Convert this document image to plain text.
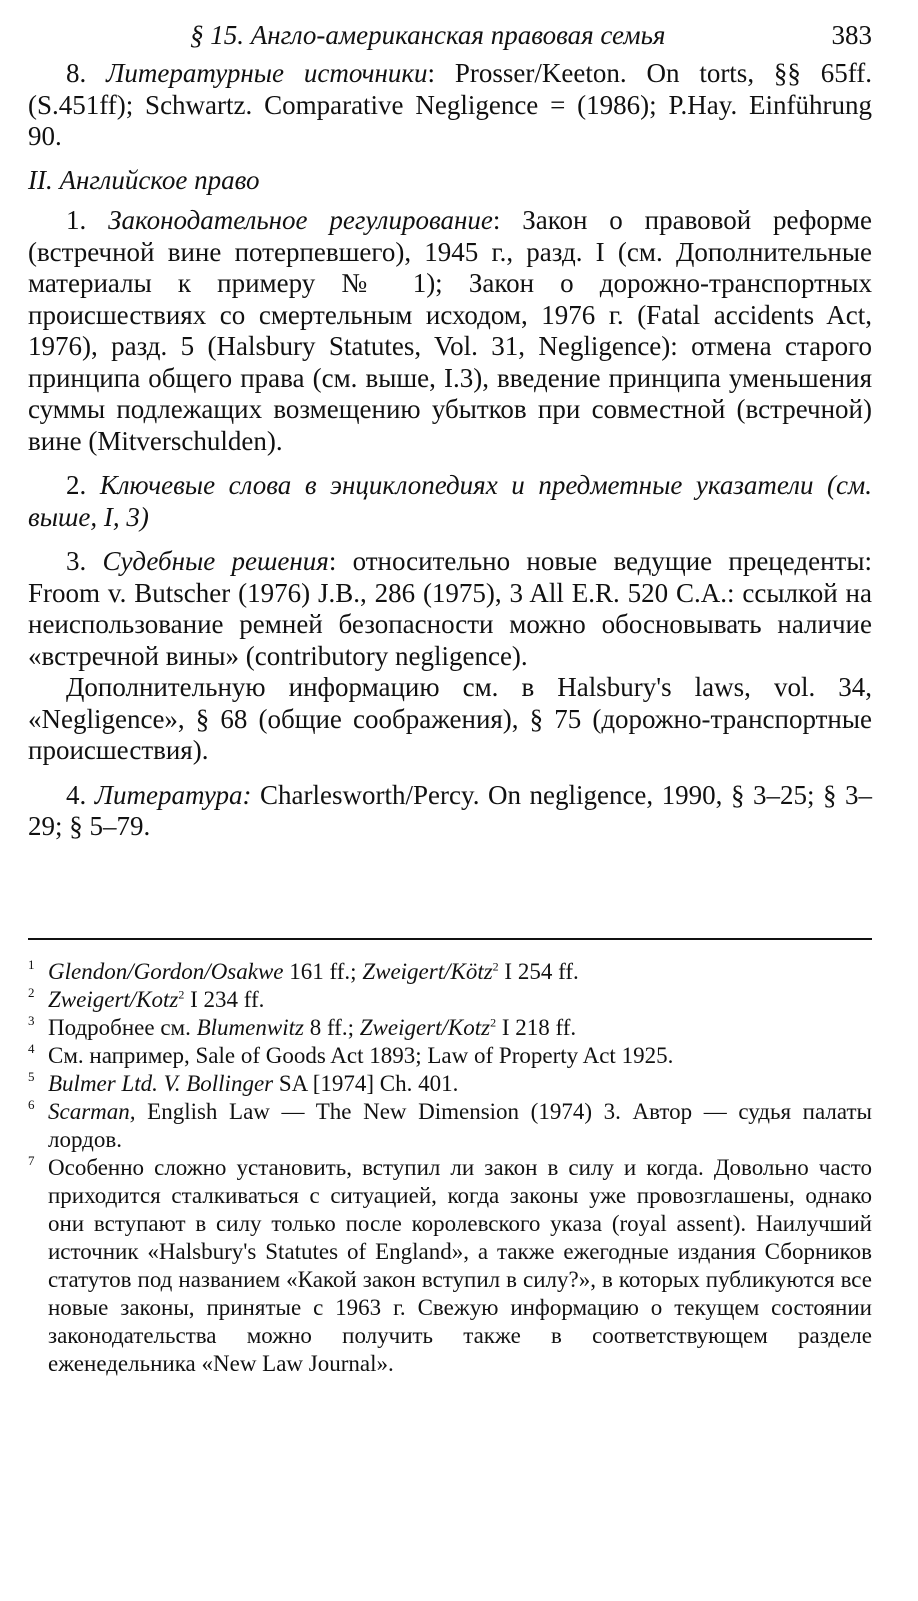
§ 15. Англо-американская правовая семья	383

8. Литературные источники: Prosser/Keeton. On torts, §§ 65ff. (S.451ff); Schwartz. Comparative Negligence = (1986); P.Hay. Einführung 90.

II. Английское право

1. Законодательное регулирование: Закон о правовой реформе (встречной вине потерпевшего), 1945 г., разд. I (см. Дополнительные материалы к примеру № 1); Закон о дорожно-транспортных происшествиях со смертельным исходом, 1976 г. (Fatal accidents Act, 1976), разд. 5 (Halsbury Statutes, Vol. 31, Negligence): отмена старого принципа общего права (см. выше, I.3), введение принципа уменьшения суммы подлежащих возмещению убытков при совместной (встречной) вине (Mitverschulden).

2. Ключевые слова в энциклопедиях и предметные указатели (см. выше, I, 3)

3. Судебные решения: относительно новые ведущие прецеденты: Froom v. Butscher (1976) J.B., 286 (1975), 3 All E.R. 520 C.A.: ссылкой на неиспользование ремней безопасности можно обосновывать наличие «встречной вины» (contributory negligence).

Дополнительную информацию см. в Halsbury's laws, vol. 34, «Negligence», § 68 (общие соображения), § 75 (дорожно-транспортные происшествия).

4. Литература: Charlesworth/Percy. On negligence, 1990, § 3–25; § 3–29; § 5–79.

1 Glendon/Gordon/Osakwe 161 ff.; Zweigert/Kötz$^2$ I 254 ff.

2 Zweigert/Kotz$^2$ I 234 ff.

3 Подробнее см. Blumenwitz 8 ff.; Zweigert/Kotz$^2$ I 218 ff.

4 См. например, Sale of Goods Act 1893; Law of Property Act 1925.

5 Bulmer Ltd. V. Bollinger SA [1974] Ch. 401.

6 Scarman, English Law — The New Dimension (1974) 3. Автор — судья палаты лордов.

7 Особенно сложно установить, вступил ли закон в силу и когда. Довольно часто приходится сталкиваться с ситуацией, когда законы уже провозглашены, однако они вступают в силу только после королевского указа (royal assent). Наилучший источник «Halsbury's Statutes of England», а также ежегодные издания Сборников статутов под названием «Какой закон вступил в силу?», в которых публикуются все новые законы, принятые с 1963 г. Свежую информацию о текущем состоянии законодательства можно получить также в соответствующем разделе еженедельника «New Law Journal».
